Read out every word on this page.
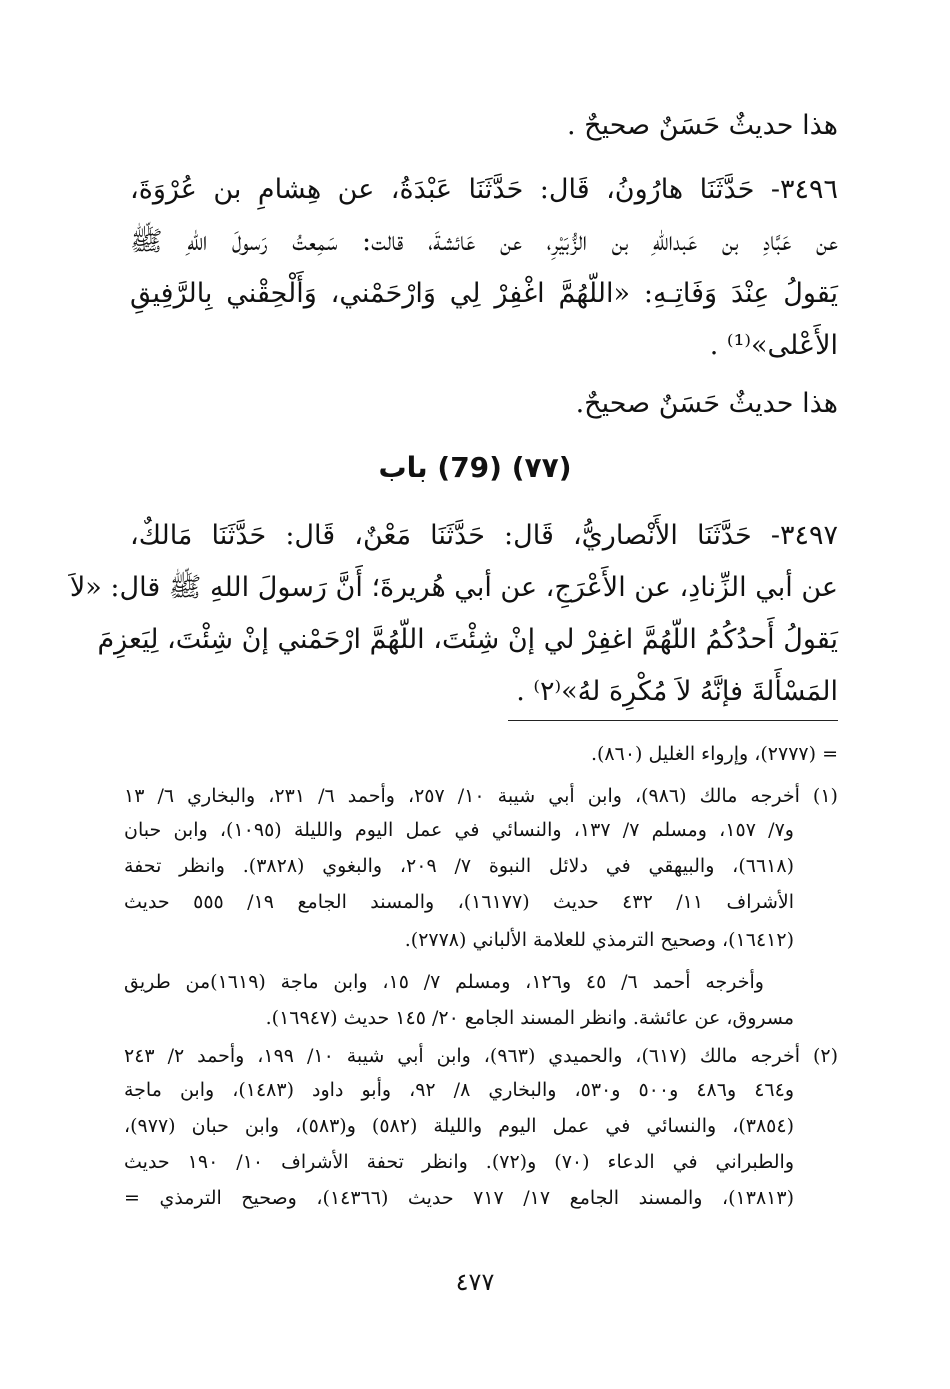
هذا حديثٌ حَسَنٌ صحيحٌ .
٣٤٩٦- حَدَّثَنَا هارُونُ، قَال: حَدَّثَنَا عَبْدَةُ، عن هِشامِ بن عُرْوَةَ،
عن عَبَّادِ بن عَبداللهِ بن الزُّبَيْرِ، عن عَائشةَ، قالت: سَمِعتُ رَسولَ اللهِ ﷺ
يَقولُ عِنْدَ وَفَاتِـهِ: «اللّهُمَّ اغْفِرْ لِي وَارْحَمْني، وَأَلْحِقْني بِالرَّفِيقِ
الأَعْلى»⁽¹⁾ .
هذا حديثٌ حَسَنٌ صحيحٌ.
(٧٧) (79) باب
٣٤٩٧- حَدَّثَنَا الأَنْصاريُّ، قَال: حَدَّثَنَا مَعْنٌ، قَال: حَدَّثَنَا مَالكٌ،
عن أبي الزِّنادِ، عن الأَعْرَجِ، عن أبي هُريرةَ؛ أَنَّ رَسولَ اللهِ ﷺ قال: «لاَ
يَقولُ أَحدُكُمُ اللّهُمَّ اغفِرْ لي إنْ شِئْتَ، اللّهُمَّ ارْحَمْني إنْ شِئْتَ، لِيَعزِمَ
المَسْأَلةَ فإنَّهُ لاَ مُكْرِهَ لهُ»⁽٢⁾ .
= (٢٧٧٧)، وإرواء الغليل (٨٦٠).
(١) أخرجه مالك (٩٨٦)، وابن أبي شيبة ١٠/ ٢٥٧، وأحمد ٦/ ٢٣١، والبخاري ٦/ ١٣
و٧/ ١٥٧، ومسلم ٧/ ١٣٧، والنسائي في عمل اليوم والليلة (١٠٩٥)، وابن حبان
(٦٦١٨)، والبيهقي في دلائل النبوة ٧/ ٢٠٩، والبغوي (٣٨٢٨). وانظر تحفة
الأشراف ١١/ ٤٣٢ حديث (١٦١٧٧)، والمسند الجامع ١٩/ ٥٥٥ حديث
(١٦٤١٢)، وصحيح الترمذي للعلامة الألباني (٢٧٧٨).
وأخرجه أحمد ٦/ ٤٥ و١٢٦، ومسلم ٧/ ١٥، وابن ماجة (١٦١٩)من طريق
مسروق، عن عائشة. وانظر المسند الجامع ٢٠/ ١٤٥ حديث (١٦٩٤٧).
(٢) أخرجه مالك (٦١٧)، والحميدي (٩٦٣)، وابن أبي شيبة ١٠/ ١٩٩، وأحمد ٢/ ٢٤٣
و٤٦٤ و٤٨٦ و٥٠٠ و٥٣٠، والبخاري ٨/ ٩٢، وأبو داود (١٤٨٣)، وابن ماجة
(٣٨٥٤)، والنسائي في عمل اليوم والليلة (٥٨٢) و(٥٨٣)، وابن حبان (٩٧٧)،
والطبراني في الدعاء (٧٠) و(٧٢). وانظر تحفة الأشراف ١٠/ ١٩٠ حديث
(١٣٨١٣)، والمسند الجامع ١٧/ ٧١٧ حديث (١٤٣٦٦)، وصحيح الترمذي =
٤٧٧
